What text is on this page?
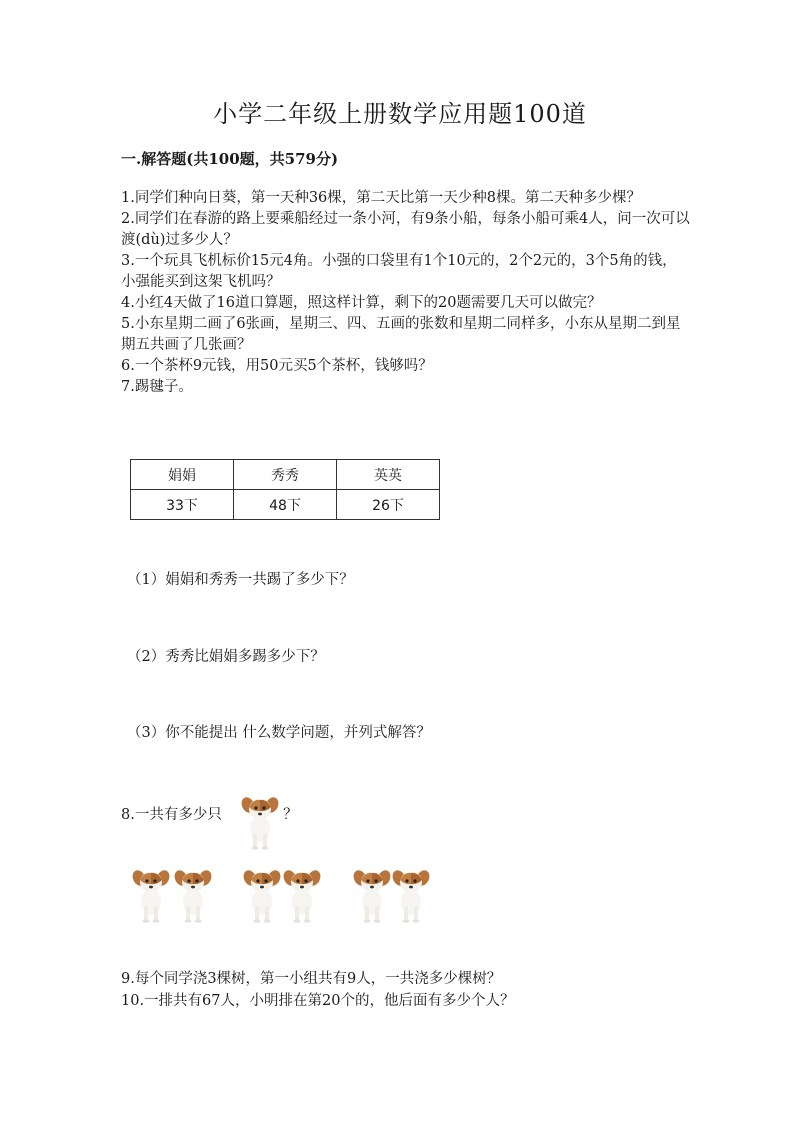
小学二年级上册数学应用题100道
一.解答题(共100题，共579分)

1.同学们种向日葵，第一天种36棵，第二天比第一天少种8棵。第二天种多少棵？

2.同学们在春游的路上要乘船经过一条小河，有9条小船，每条小船可乘4人，问一次可以渡(dù)过多少人？

3.一个玩具飞机标价15元4角。小强的口袋里有1个10元的，2个2元的，3个5角的钱，小强能买到这架飞机吗？

4.小红4天做了16道口算题，照这样计算，剩下的20题需要几天可以做完？

5.小东星期二画了6张画，星期三、四、五画的张数和星期二同样多，小东从星期二到星期五共画了几张画？

6.一个茶杯9元钱，用50元买5个茶杯，钱够吗？

7.踢毽子。

娟娟	秀秀	英英
33下	48下	26下
（1）娟娟和秀秀一共踢了多少下？
（2）秀秀比娟娟多踢多少下？
（3）你不能提出 什么数学问题，并列式解答？
8.一共有多少只	？
9.每个同学浇3棵树，第一小组共有9人，一共浇多少棵树？
10.一排共有67人，小明排在第20个的，他后面有多少个人？
